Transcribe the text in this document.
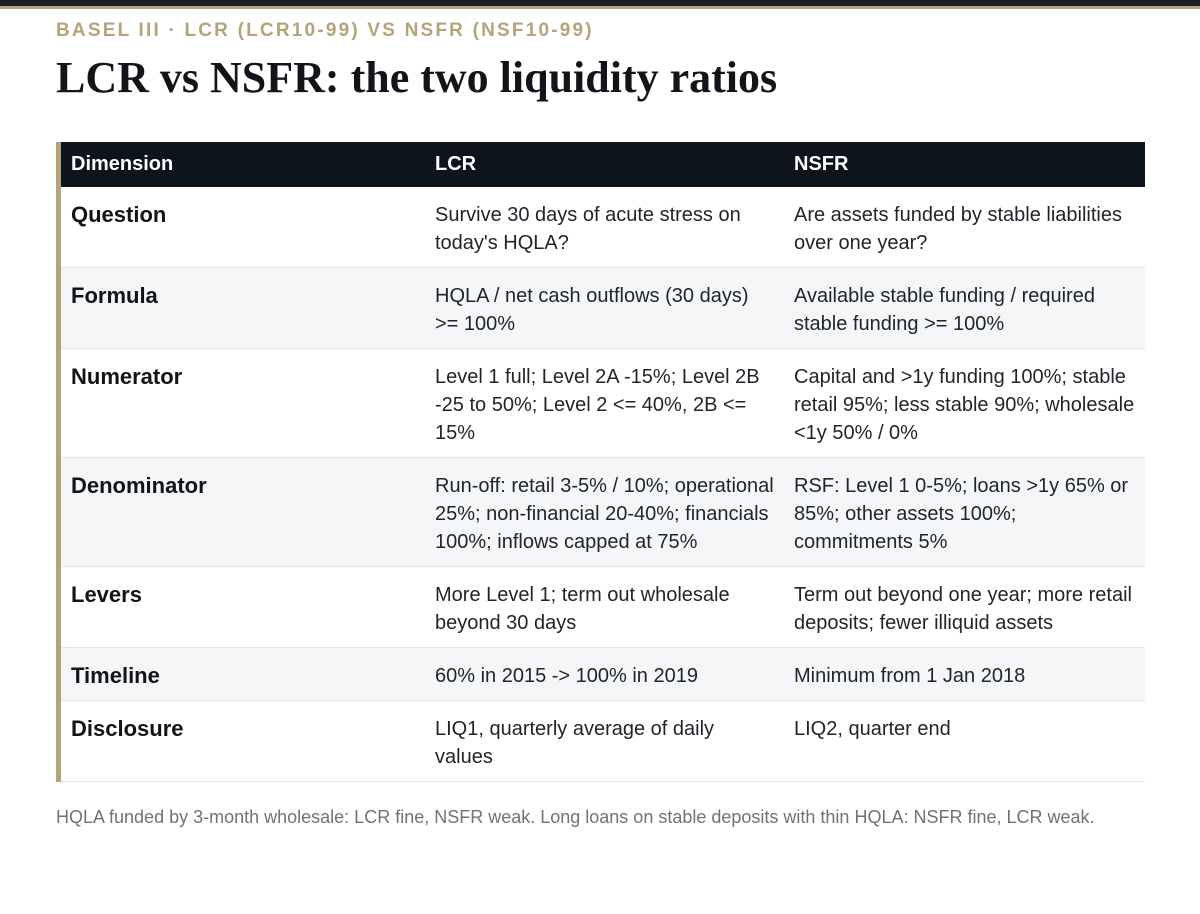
BASEL III · LCR (LCR10-99) VS NSFR (NSF10-99)
LCR vs NSFR: the two liquidity ratios
Dimension	LCR	NSFR
Question	Survive 30 days of acute stress on today's HQLA?	Are assets funded by stable liabilities over one year?
Formula	HQLA / net cash outflows (30 days) >= 100%	Available stable funding / required stable funding >= 100%
Numerator	Level 1 full; Level 2A -15%; Level 2B -25 to 50%; Level 2 <= 40%, 2B <= 15%	Capital and >1y funding 100%; stable retail 95%; less stable 90%; wholesale <1y 50% / 0%
Denominator	Run-off: retail 3-5% / 10%; operational 25%; non-financial 20-40%; financials 100%; inflows capped at 75%	RSF: Level 1 0-5%; loans >1y 65% or 85%; other assets 100%; commitments 5%
Levers	More Level 1; term out wholesale beyond 30 days	Term out beyond one year; more retail deposits; fewer illiquid assets
Timeline	60% in 2015 -> 100% in 2019	Minimum from 1 Jan 2018
Disclosure	LIQ1, quarterly average of daily values	LIQ2, quarter end
HQLA funded by 3-month wholesale: LCR fine, NSFR weak. Long loans on stable deposits with thin HQLA: NSFR fine, LCR weak.
